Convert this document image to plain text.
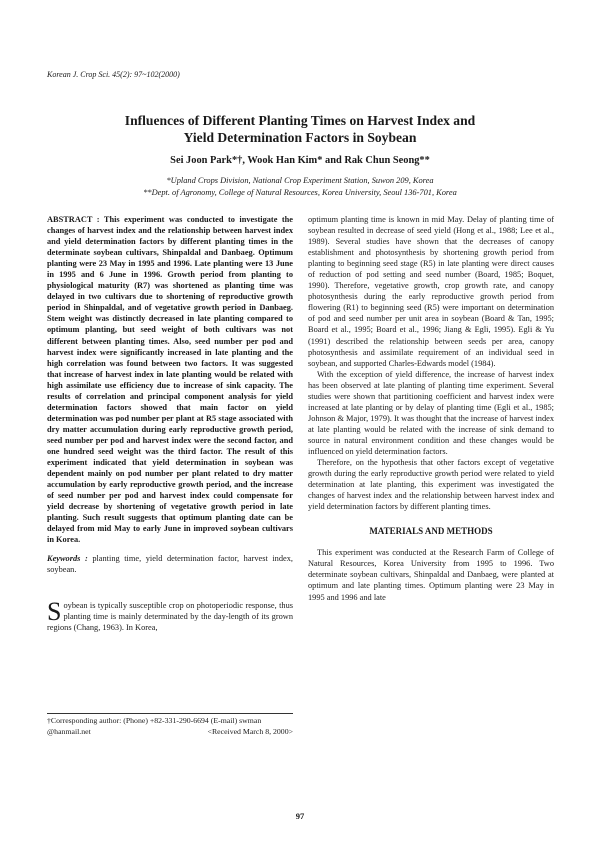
Korean J. Crop Sci. 45(2): 97~102(2000)
Influences of Different Planting Times on Harvest Index and
Yield Determination Factors in Soybean
Sei Joon Park*†, Wook Han Kim* and Rak Chun Seong**
*Upland Crops Division, National Crop Experiment Station, Suwon 209, Korea
**Dept. of Agronomy, College of Natural Resources, Korea University, Seoul 136-701, Korea

ABSTRACT : This experiment was conducted to investigate the changes of harvest index and the relationship between harvest index and yield determination factors by different planting times in the determinate soybean cultivars, Shinpaldal and Danbaeg. Optimum planting were 23 May in 1995 and 1996. Late planting were 13 June in 1995 and 6 June in 1996. Growth period from planting to physiological maturity (R7) was shortened as planting time was delayed in two cultivars due to shortening of reproductive growth period in Shinpaldal, and of vegetative growth period in Danbaeg. Stem weight was distinctly decreased in late planting compared to optimum planting, but seed weight of both cultivars was not different between planting times. Also, seed number per pod and harvest index were significantly increased in late planting and the high correlation was found between two factors. It was suggested that increase of harvest index in late planting would be related with high assimilate use efficiency due to increase of sink capacity. The results of correlation and principal component analysis for yield determination factors showed that main factor on yield determination was pod number per plant at R5 stage associated with dry matter accumulation during early reproductive growth period, seed number per pod and harvest index were the second factor, and one hundred seed weight was the third factor. The result of this experiment indicated that yield determination in soybean was dependent mainly on pod number per plant related to dry matter accumulation by early reproductive growth period, and the increase of seed number per pod and harvest index could compensate for yield decrease by shortening of vegetative growth period in late planting. Such result suggests that optimum planting date can be delayed from mid May to early June in improved soybean cultivars in Korea.

Keywords : planting time, yield determination factor, harvest index, soybean.

Soybean is typically susceptible crop on photoperiodic response, thus planting time is mainly determinated by the day-length of its grown regions (Chang, 1963). In Korea,

†Corresponding author: (Phone) +82-331-290-6694 (E-mail) swman
@hanmail.net	<Received March 8, 2000>

optimum planting time is known in mid May. Delay of planting time of soybean resulted in decrease of seed yield (Hong et al., 1988; Lee et al., 1989). Several studies have shown that the decreases of canopy establishment and photosynthesis by shortening growth period from planting to beginning seed stage (R5) in late planting were direct causes of reduction of pod setting and seed number (Board, 1985; Boquet, 1990). Therefore, vegetative growth, crop growth rate, and canopy photosynthesis during the early reproductive growth period from flowering (R1) to beginning seed (R5) were important on determination of pod and seed number per unit area in soybean (Board & Tan, 1995; Board et al., 1995; Board et al., 1996; Jiang & Egli, 1995). Egli & Yu (1991) described the relationship between seeds per area, canopy photosynthesis and assimilate requirement of an individual seed in soybean, and supported Charles-Edwards model (1984).

With the exception of yield difference, the increase of harvest index has been observed at late planting of planting time experiment. Several studies were shown that partitioning coefficient and harvest index were increased at late planting or by delay of planting time (Egli et al., 1985; Johnson & Major, 1979). It was thought that the increase of harvest index at late planting would be related with the increase of sink demand to source in natural environment condition and these changes would be influenced on yield determination factors.

Therefore, on the hypothesis that other factors except of vegetative growth during the early reproductive growth period were related to yield determination at late planting, this experiment was investigated the changes of harvest index and the relationship between harvest index and yield determination factors by different planting times.

MATERIALS AND METHODS

This experiment was conducted at the Research Farm of College of Natural Resources, Korea University from 1995 to 1996. Two determinate soybean cultivars, Shinpaldal and Danbaeg, were planted at optimum and late planting times. Optimum planting were 23 May in 1995 and 1996 and late

97
